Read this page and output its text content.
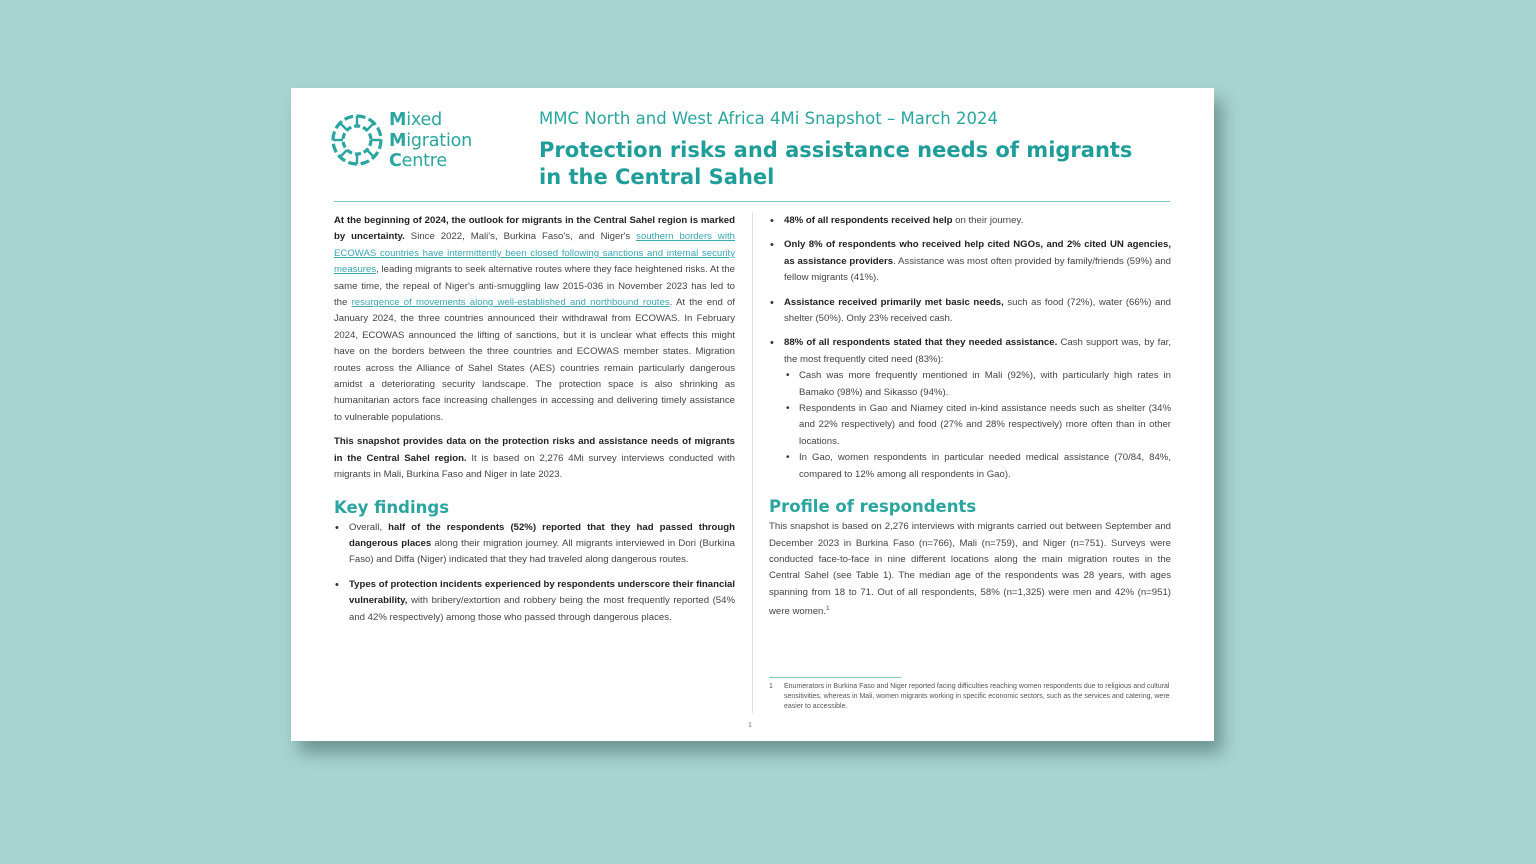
Mixed
Migration
Centre
MMC North and West Africa 4Mi Snapshot – March 2024
Protection risks and assistance needs of migrants in the Central Sahel

At the beginning of 2024, the outlook for migrants in the Central Sahel region is marked by uncertainty. Since 2022, Mali's, Burkina Faso's, and Niger's southern borders with ECOWAS countries have intermittently been closed following sanctions and internal security measures, leading migrants to seek alternative routes where they face heightened risks. At the same time, the repeal of Niger's anti-smuggling law 2015-036 in November 2023 has led to the resurgence of movements along well-established and northbound routes. At the end of January 2024, the three countries announced their withdrawal from ECOWAS. In February 2024, ECOWAS announced the lifting of sanctions, but it is unclear what effects this might have on the borders between the three countries and ECOWAS member states. Migration routes across the Alliance of Sahel States (AES) countries remain particularly dangerous amidst a deteriorating security landscape. The protection space is also shrinking as humanitarian actors face increasing challenges in accessing and delivering timely assistance to vulnerable populations.

This snapshot provides data on the protection risks and assistance needs of migrants in the Central Sahel region. It is based on 2,276 4Mi survey interviews conducted with migrants in Mali, Burkina Faso and Niger in late 2023.

Key findings
• Overall, half of the respondents (52%) reported that they had passed through dangerous places along their migration journey. All migrants interviewed in Dori (Burkina Faso) and Diffa (Niger) indicated that they had traveled along dangerous routes.
• Types of protection incidents experienced by respondents underscore their financial vulnerability, with bribery/extortion and robbery being the most frequently reported (54% and 42% respectively) among those who passed through dangerous places.
• 48% of all respondents received help on their journey.
• Only 8% of respondents who received help cited NGOs, and 2% cited UN agencies, as assistance providers. Assistance was most often provided by family/friends (59%) and fellow migrants (41%).
• Assistance received primarily met basic needs, such as food (72%), water (66%) and shelter (50%). Only 23% received cash.
• 88% of all respondents stated that they needed assistance. Cash support was, by far, the most frequently cited need (83%):
• Cash was more frequently mentioned in Mali (92%), with particularly high rates in Bamako (98%) and Sikasso (94%).
• Respondents in Gao and Niamey cited in-kind assistance needs such as shelter (34% and 22% respectively) and food (27% and 28% respectively) more often than in other locations.
• In Gao, women respondents in particular needed medical assistance (70/84, 84%, compared to 12% among all respondents in Gao).
Profile of respondents

This snapshot is based on 2,276 interviews with migrants carried out between September and December 2023 in Burkina Faso (n=766), Mali (n=759), and Niger (n=751). Surveys were conducted face-to-face in nine different locations along the main migration routes in the Central Sahel (see Table 1). The median age of the respondents was 28 years, with ages spanning from 18 to 71. Out of all respondents, 58% (n=1,325) were men and 42% (n=951) were women.$^1$

1 Enumerators in Burkina Faso and Niger reported facing difficulties reaching women respondents due to religious and cultural sensitivities, whereas in Mali, women migrants working in specific economic sectors, such as the services and catering, were easier to accessible.
1
